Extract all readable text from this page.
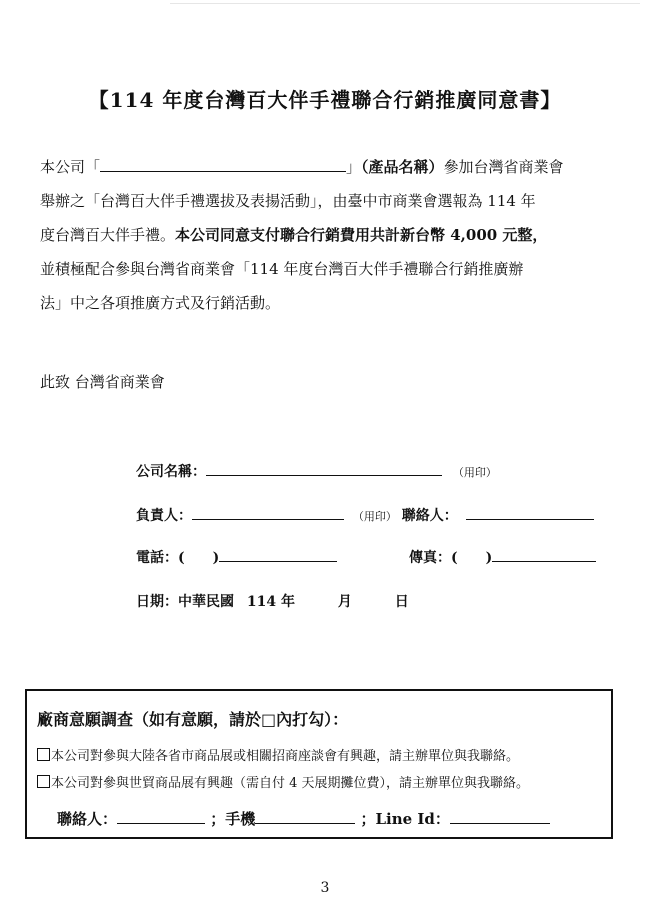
【114 年度台灣百大伴手禮聯合行銷推廣同意書】
本公司「	」（產品名稱）參加台灣省商業會
舉辦之「台灣百大伴手禮選拔及表揚活動」，由臺中市商業會選報為 114 年
度台灣百大伴手禮。本公司同意支付聯合行銷費用共計新台幣 4,000 元整，
並積極配合參與台灣省商業會「114 年度台灣百大伴手禮聯合行銷推廣辦
法」中之各項推廣方式及行銷活動。
此致 台灣省商業會
公司名稱：	（用印）
負責人：	（用印） 聯絡人：
電話：( )	傳真：( )
日期：中華民國 114 年	月	日
廠商意願調查（如有意願，請於□內打勾）：
本公司對參與大陸各省市商品展或相關招商座談會有興趣，請主辦單位與我聯絡。
本公司對參與世貿商品展有興趣（需自付 4 天展期攤位費），請主辦單位與我聯絡。
聯絡人：	；手機	；Line Id：
3
